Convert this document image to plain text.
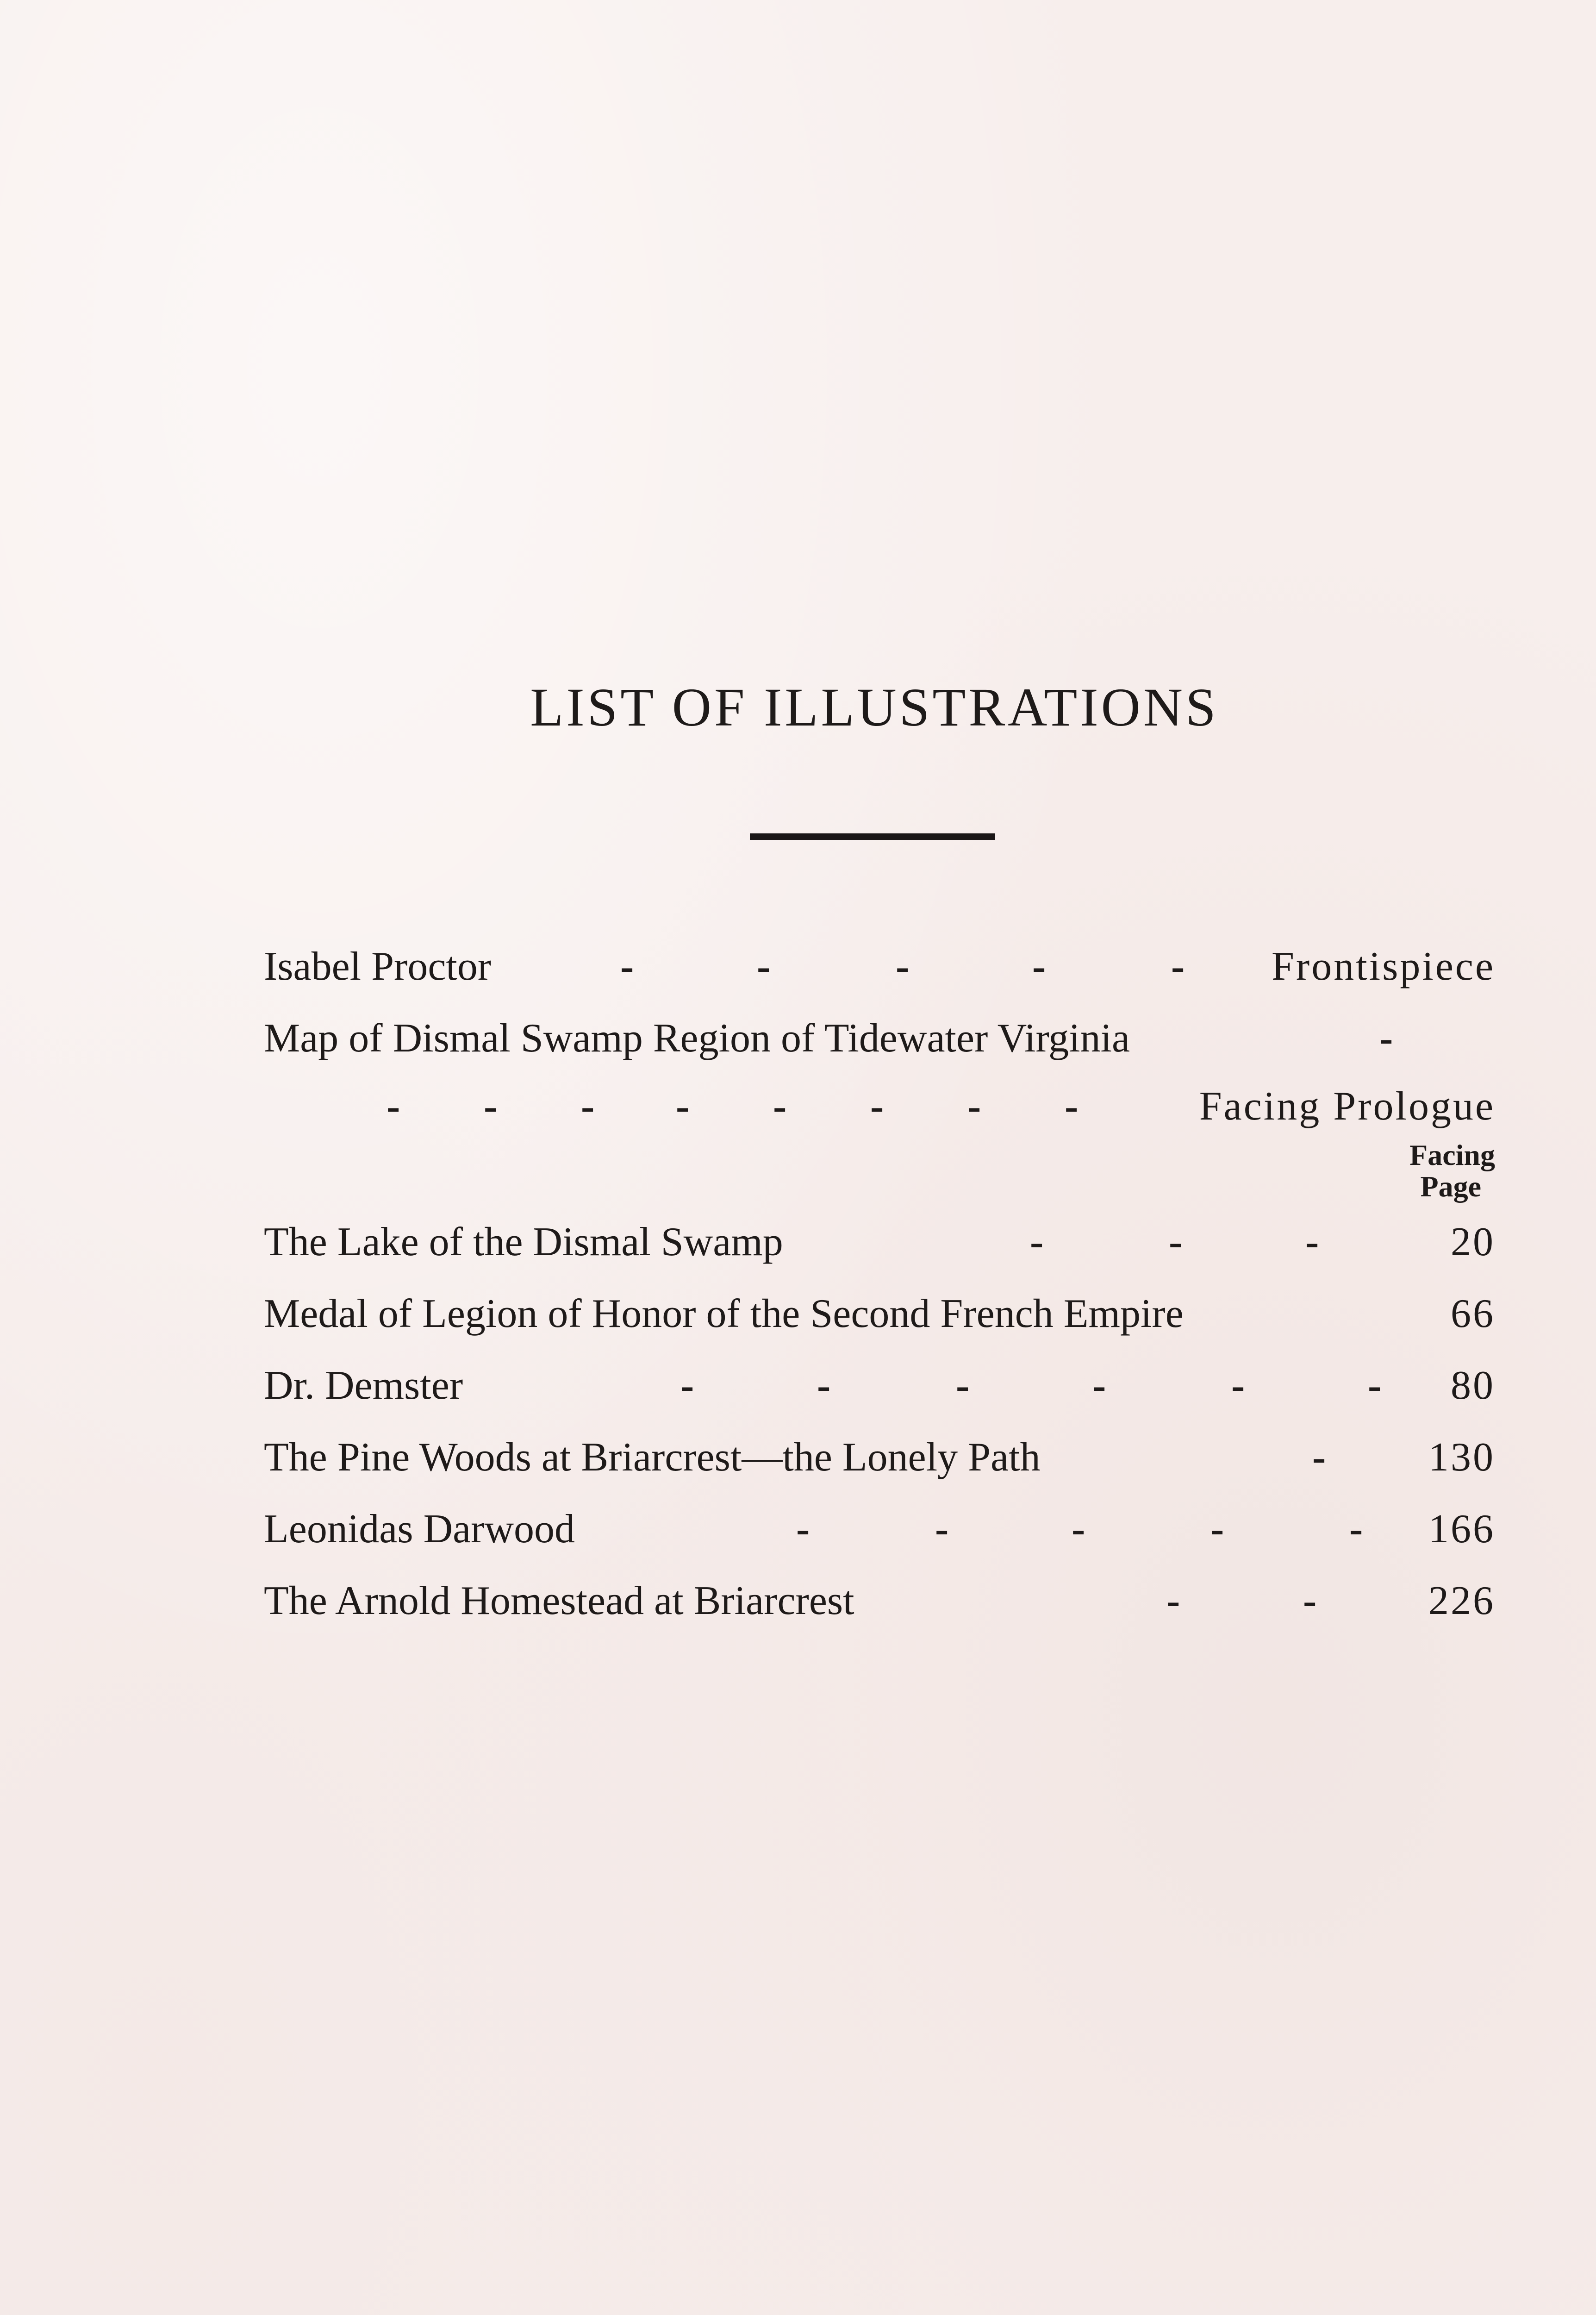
LIST OF ILLUSTRATIONS
Isabel Proctor	-	-	-	-	- Frontispiece
Map of Dismal Swamp Region of Tidewater Virginia	-
- - - - - - - -	Facing Prologue
Facing
Page
The Lake of the Dismal Swamp	-	-	-	20
Medal of Legion of Honor of the Second French Empire	66
Dr. Demster	-	-	-	-	-	- 80
The Pine Woods at Briarcrest—the Lonely Path	-	130
Leonidas Darwood	-	-	-	-	- 166
The Arnold Homestead at Briarcrest	-	-	226
